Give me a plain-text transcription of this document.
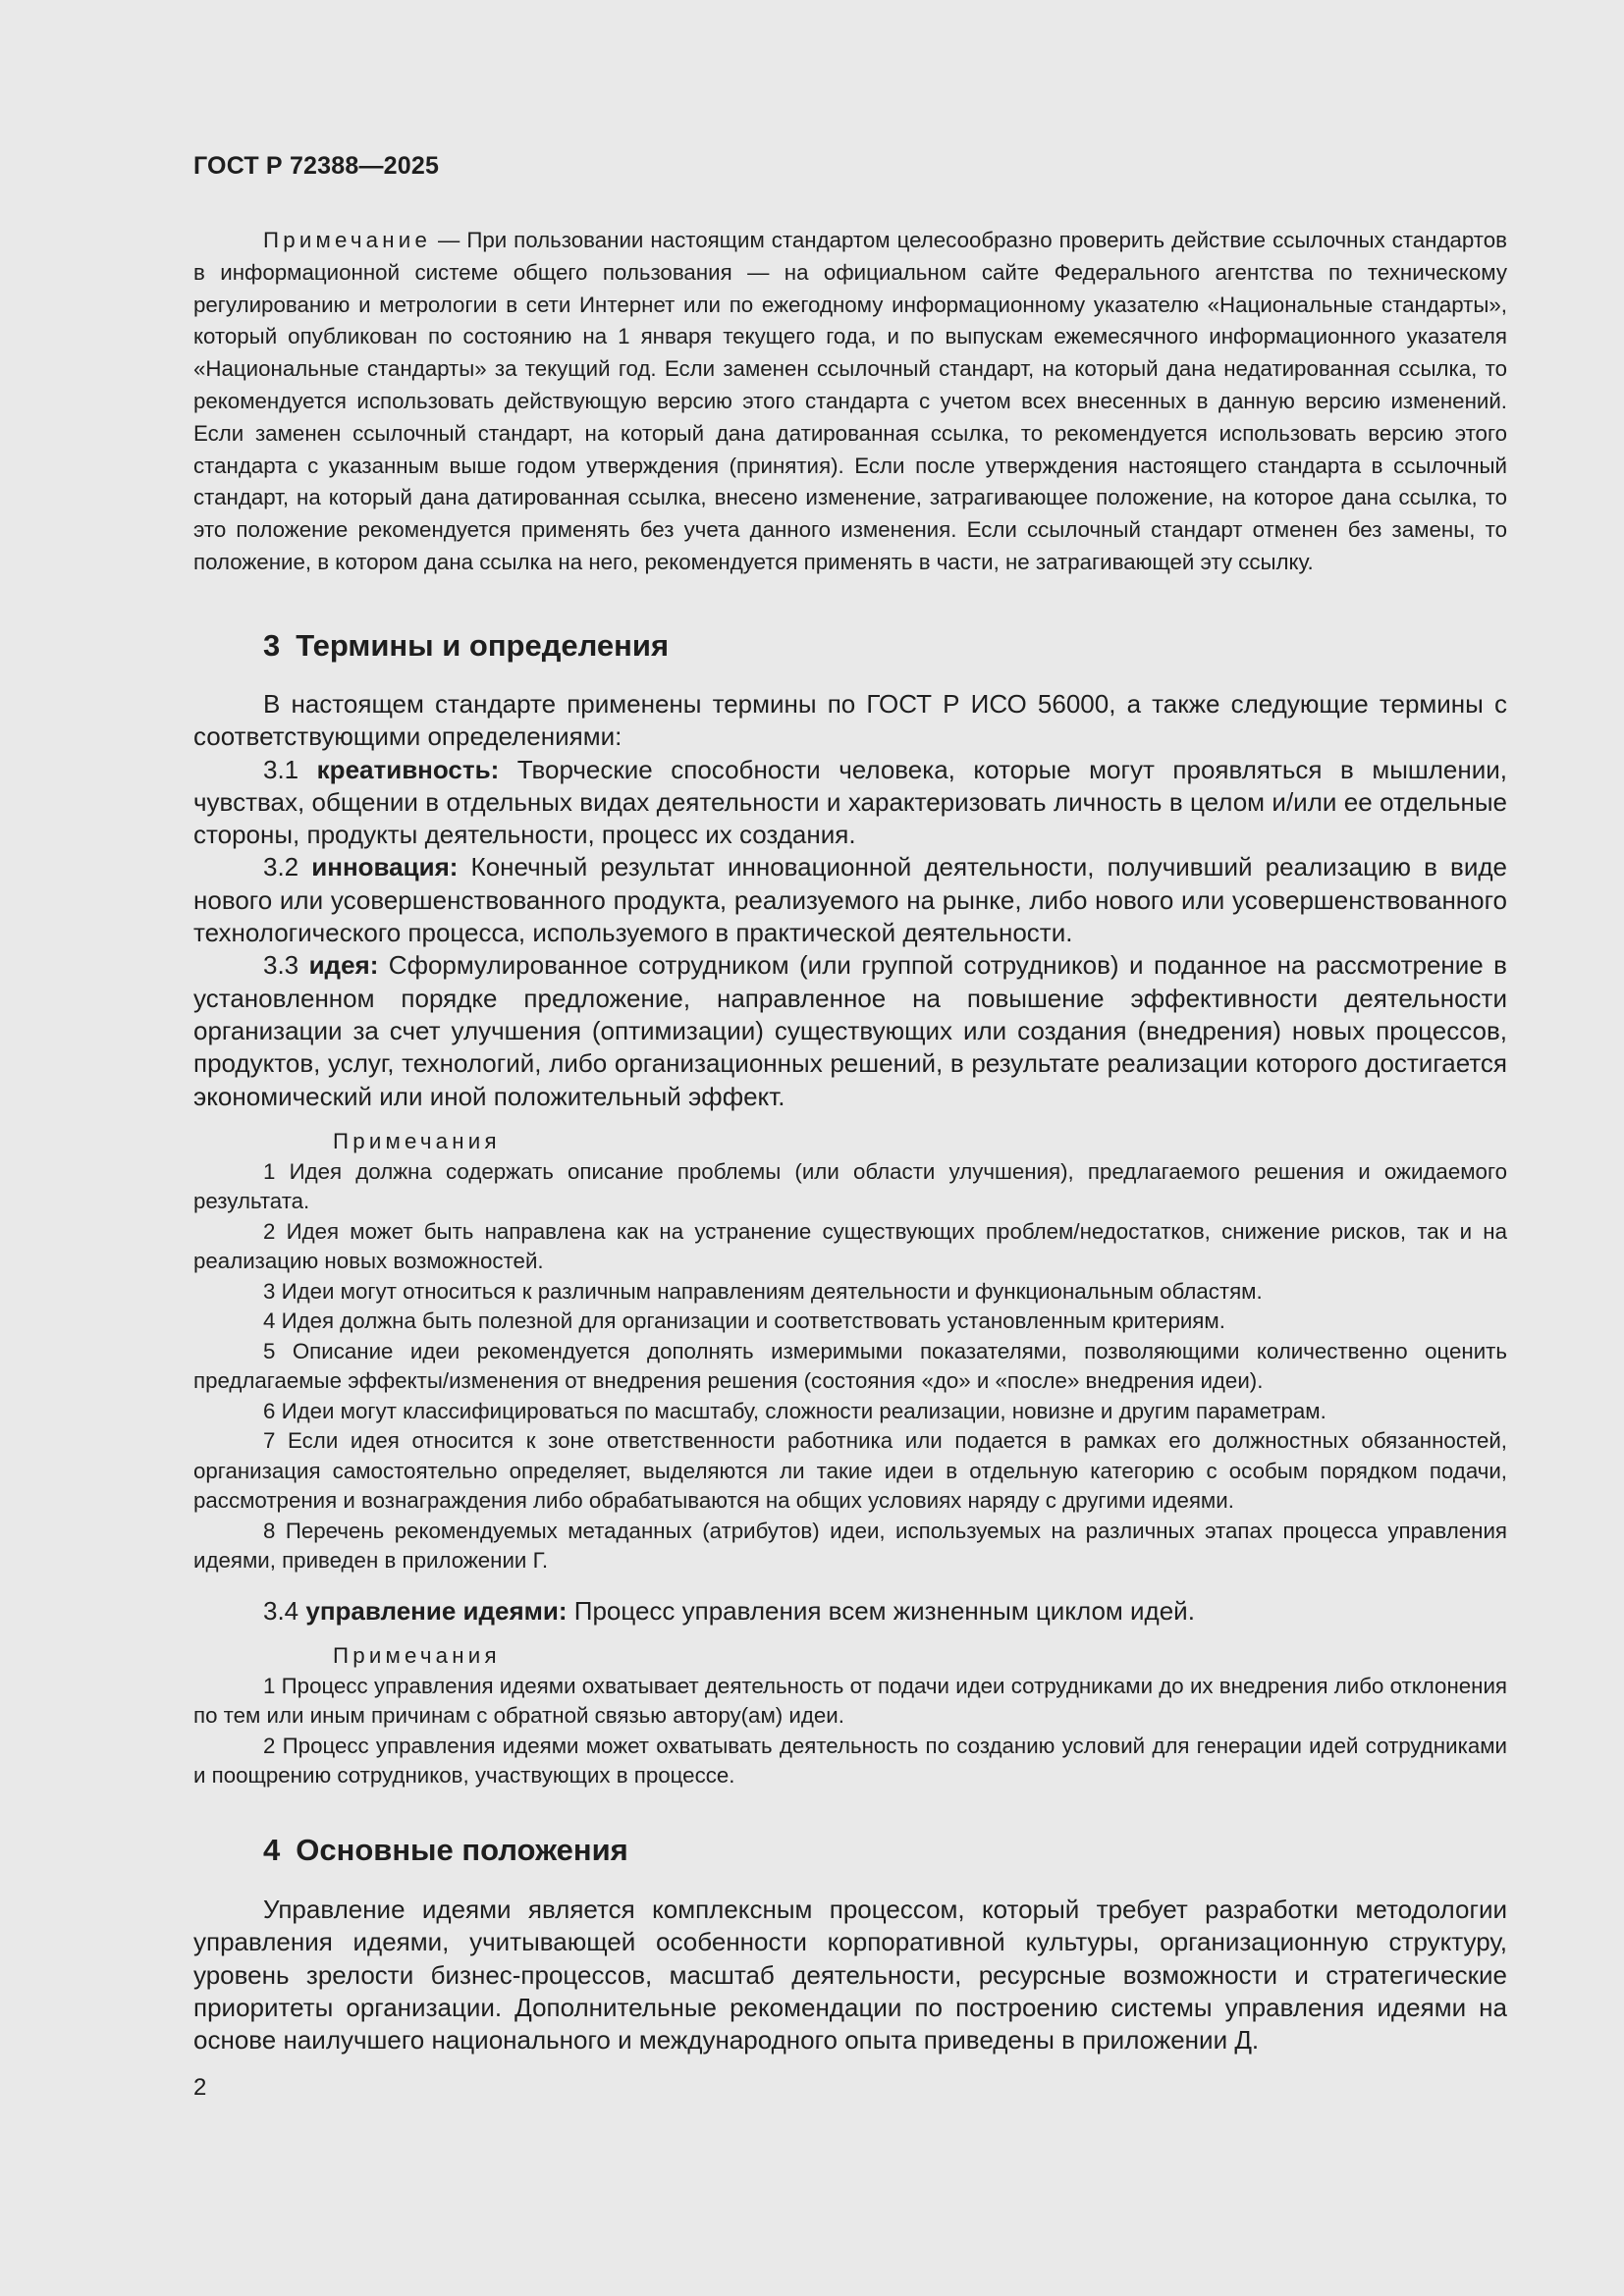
ГОСТ Р 72388—2025
Примечание — При пользовании настоящим стандартом целесообразно проверить действие ссылочных стандартов в информационной системе общего пользования — на официальном сайте Федерального агентства по техническому регулированию и метрологии в сети Интернет или по ежегодному информационному указателю «Национальные стандарты», который опубликован по состоянию на 1 января текущего года, и по выпускам ежемесячного информационного указателя «Национальные стандарты» за текущий год. Если заменен ссылочный стандарт, на который дана недатированная ссылка, то рекомендуется использовать действующую версию этого стандарта с учетом всех внесенных в данную версию изменений. Если заменен ссылочный стандарт, на который дана датированная ссылка, то рекомендуется использовать версию этого стандарта с указанным выше годом утверждения (принятия). Если после утверждения настоящего стандарта в ссылочный стандарт, на который дана датированная ссылка, внесено изменение, затрагивающее положение, на которое дана ссылка, то это положение рекомендуется применять без учета данного изменения. Если ссылочный стандарт отменен без замены, то положение, в котором дана ссылка на него, рекомендуется применять в части, не затрагивающей эту ссылку.
3 Термины и определения

В настоящем стандарте применены термины по ГОСТ Р ИСО 56000, а также следующие термины с соответствующими определениями:

3.1 креативность: Творческие способности человека, которые могут проявляться в мышлении, чувствах, общении в отдельных видах деятельности и характеризовать личность в целом и/или ее отдельные стороны, продукты деятельности, процесс их создания.

3.2 инновация: Конечный результат инновационной деятельности, получивший реализацию в виде нового или усовершенствованного продукта, реализуемого на рынке, либо нового или усовершенствованного технологического процесса, используемого в практической деятельности.

3.3 идея: Сформулированное сотрудником (или группой сотрудников) и поданное на рассмотрение в установленном порядке предложение, направленное на повышение эффективности деятельности организации за счет улучшения (оптимизации) существующих или создания (внедрения) новых процессов, продуктов, услуг, технологий, либо организационных решений, в результате реализации которого достигается экономический или иной положительный эффект.

Примечания

1 Идея должна содержать описание проблемы (или области улучшения), предлагаемого решения и ожидаемого результата.

2 Идея может быть направлена как на устранение существующих проблем/недостатков, снижение рисков, так и на реализацию новых возможностей.

3 Идеи могут относиться к различным направлениям деятельности и функциональным областям.

4 Идея должна быть полезной для организации и соответствовать установленным критериям.

5 Описание идеи рекомендуется дополнять измеримыми показателями, позволяющими количественно оценить предлагаемые эффекты/изменения от внедрения решения (состояния «до» и «после» внедрения идеи).

6 Идеи могут классифицироваться по масштабу, сложности реализации, новизне и другим параметрам.

7 Если идея относится к зоне ответственности работника или подается в рамках его должностных обязанностей, организация самостоятельно определяет, выделяются ли такие идеи в отдельную категорию с особым порядком подачи, рассмотрения и вознаграждения либо обрабатываются на общих условиях наряду с другими идеями.

8 Перечень рекомендуемых метаданных (атрибутов) идеи, используемых на различных этапах процесса управления идеями, приведен в приложении Г.

3.4 управление идеями: Процесс управления всем жизненным циклом идей.

Примечания

1 Процесс управления идеями охватывает деятельность от подачи идеи сотрудниками до их внедрения либо отклонения по тем или иным причинам с обратной связью автору(ам) идеи.

2 Процесс управления идеями может охватывать деятельность по созданию условий для генерации идей сотрудниками и поощрению сотрудников, участвующих в процессе.

4 Основные положения

Управление идеями является комплексным процессом, который требует разработки методологии управления идеями, учитывающей особенности корпоративной культуры, организационную структуру, уровень зрелости бизнес-процессов, масштаб деятельности, ресурсные возможности и стратегические приоритеты организации. Дополнительные рекомендации по построению системы управления идеями на основе наилучшего национального и международного опыта приведены в приложении Д.

2
